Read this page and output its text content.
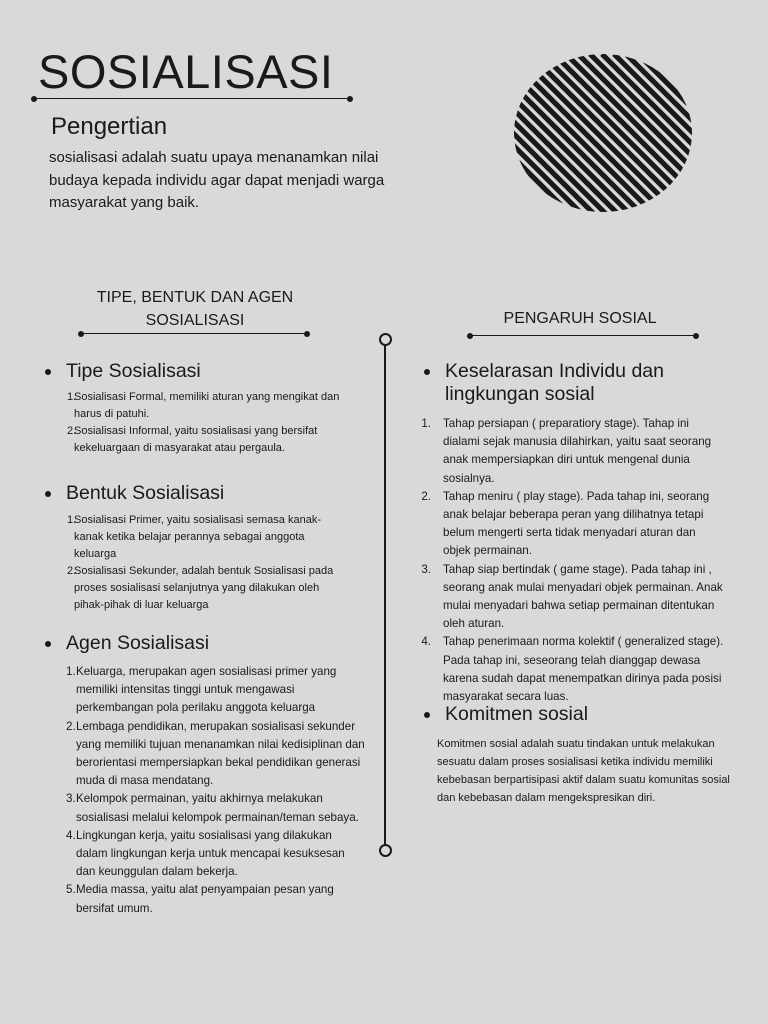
SOSIALISASI
Pengertian

sosialisasi adalah suatu upaya menanamkan nilai budaya kepada individu agar dapat menjadi warga masyarakat yang baik.

TIPE, BENTUK DAN AGEN
SOSIALISASI	PENGARUH SOSIAL
Tipe Sosialisasi
1.
Sosialisasi Formal, memiliki aturan yang mengikat dan harus di patuhi.
2.
Sosialisasi Informal, yaitu sosialisasi yang bersifat kekeluargaan di masyarakat atau pergaula.
Bentuk Sosialisasi
1.
Sosialisasi Primer, yaitu sosialisasi semasa kanak-kanak ketika belajar perannya sebagai anggota keluarga
2.
Sosialisasi Sekunder, adalah bentuk Sosialisasi pada proses sosialisasi selanjutnya yang dilakukan oleh pihak-pihak di luar keluarga
Agen Sosialisasi
1. Keluarga, merupakan agen sosialisasi primer yang memiliki intensitas tinggi untuk mengawasi perkembangan pola perilaku anggota keluarga
2. Lembaga pendidikan, merupakan sosialisasi sekunder yang memiliki tujuan menanamkan nilai kedisiplinan dan berorientasi mempersiapkan bekal pendidikan generasi muda di masa mendatang.
3. Kelompok permainan, yaitu akhirnya melakukan sosialisasi melalui kelompok permainan/teman sebaya.
4. Lingkungan kerja, yaitu sosialisasi yang dilakukan dalam lingkungan kerja untuk mencapai kesuksesan dan keunggulan dalam bekerja.
5. Media massa, yaitu alat penyampaian pesan yang bersifat umum.
Keselarasan Individu dan
lingkungan sosial
1.	Tahap persiapan ( preparatiory stage). Tahap ini dialami sejak manusia dilahirkan, yaitu saat seorang anak mempersiapkan diri untuk mengenal dunia sosialnya.
2.	Tahap meniru ( play stage). Pada tahap ini, seorang anak belajar beberapa peran yang dilihatnya tetapi belum mengerti serta tidak menyadari aturan dan objek permainan.
3.	Tahap siap bertindak ( game stage). Pada tahap ini , seorang anak mulai menyadari objek permainan. Anak mulai menyadari bahwa setiap permainan ditentukan oleh aturan.
4.	Tahap penerimaan norma kolektif ( generalized stage). Pada tahap ini, seseorang telah dianggap dewasa karena sudah dapat menempatkan dirinya pada posisi masyarakat secara luas.
Komitmen sosial

Komitmen sosial adalah suatu tindakan untuk melakukan sesuatu dalam proses sosialisasi ketika individu memiliki kebebasan berpartisipasi aktif dalam suatu komunitas sosial dan kebebasan dalam mengekspresikan diri.
